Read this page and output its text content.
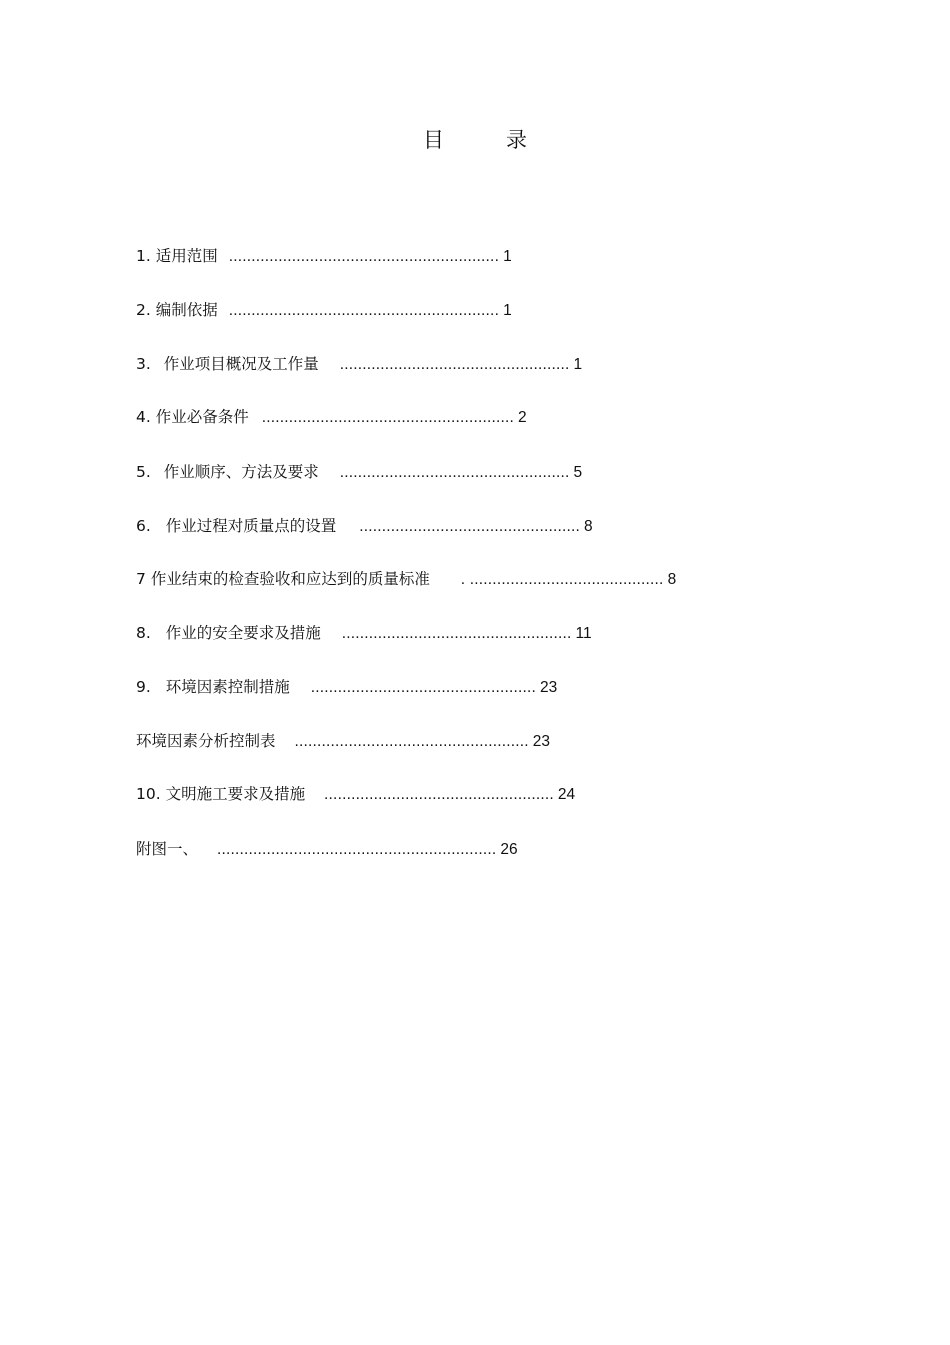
目	录
1. 适用范围 ............................................................ 1
2. 编制依据 ............................................................ 1
3. 作业项目概况及工作量 ................................................... 1
4. 作业必备条件 ........................................................ 2
5. 作业顺序、方法及要求 ................................................... 5
6. 作业过程对质量点的设置 ................................................. 8
7 作业结束的检查验收和应达到的质量标准 . ........................................... 8
8. 作业的安全要求及措施 ................................................... 11
9. 环境因素控制措施 .................................................. 23
环境因素分析控制表 .................................................... 23
10. 文明施工要求及措施 ................................................... 24
附图一、 .............................................................. 26
